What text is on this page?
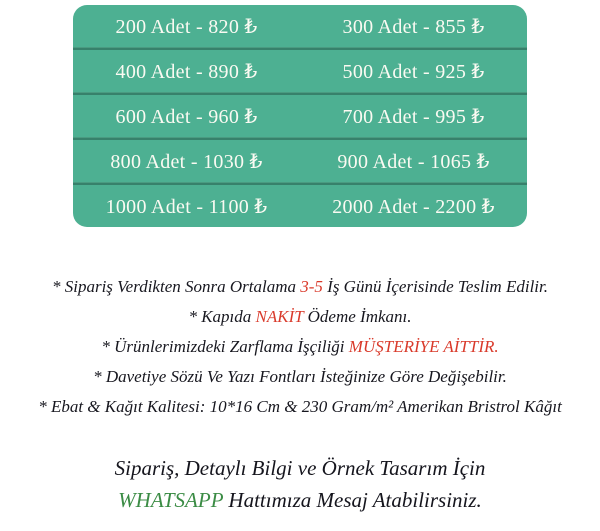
200 Adet - 820 ₺	300 Adet - 855 ₺
400 Adet - 890 ₺	500 Adet - 925 ₺
600 Adet - 960 ₺	700 Adet - 995 ₺
800 Adet - 1030 ₺	900 Adet - 1065 ₺
1000 Adet - 1100 ₺	2000 Adet - 2200 ₺

* Sipariş Verdikten Sonra Ortalama 3-5 İş Günü İçerisinde Teslim Edilir.

* Kapıda NAKİT Ödeme İmkanı.

* Ürünlerimizdeki Zarflama İşçiliği MÜŞTERİYE AİTTİR.

* Davetiye Sözü Ve Yazı Fontları İsteğinize Göre Değişebilir.

* Ebat & Kağıt Kalitesi: 10*16 Cm & 230 Gram/m² Amerikan Bristrol Kâğıt

Sipariş, Detaylı Bilgi ve Örnek Tasarım İçin

WHATSAPP Hattımıza Mesaj Atabilirsiniz.
